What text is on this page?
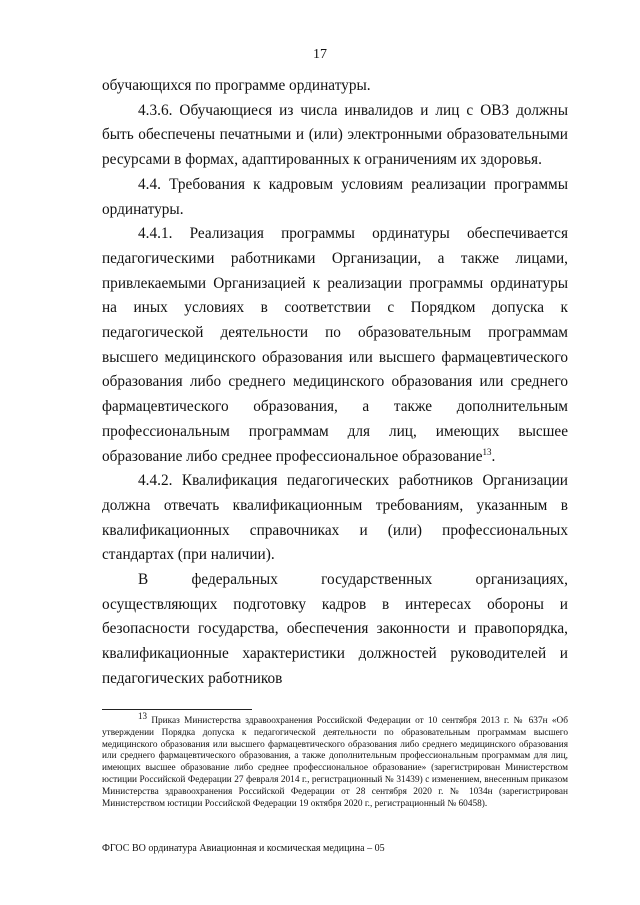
17

обучающихся по программе ординатуры.

4.3.6. Обучающиеся из числа инвалидов и лиц с ОВЗ должны быть обеспечены печатными и (или) электронными образовательными ресурсами в формах, адаптированных к ограничениям их здоровья.

4.4. Требования к кадровым условиям реализации программы ординатуры.

4.4.1. Реализация программы ординатуры обеспечивается педагогическими работниками Организации, а также лицами, привлекаемыми Организацией к реализации программы ординатуры на иных условиях в соответствии с Порядком допуска к педагогической деятельности по образовательным программам высшего медицинского образования или высшего фармацевтического образования либо среднего медицинского образования или среднего фармацевтического образования, а также дополнительным профессиональным программам для лиц, имеющих высшее образование либо среднее профессиональное образование$^{13}$.

4.4.2. Квалификация педагогических работников Организации должна отвечать квалификационным требованиям, указанным в квалификационных справочниках и (или) профессиональных стандартах (при наличии).

В федеральных государственных организациях, осуществляющих подготовку кадров в интересах обороны и безопасности государства, обеспечения законности и правопорядка, квалификационные характеристики должностей руководителей и педагогических работников

$^{13}$ Приказ Министерства здравоохранения Российской Федерации от 10 сентября 2013 г. № 637н «Об утверждении Порядка допуска к педагогической деятельности по образовательным программам высшего медицинского образования или высшего фармацевтического образования либо среднего медицинского образования или среднего фармацевтического образования, а также дополнительным профессиональным программам для лиц, имеющих высшее образование либо среднее профессиональное образование» (зарегистрирован Министерством юстиции Российской Федерации 27 февраля 2014 г., регистрационный № 31439) с изменением, внесенным приказом Министерства здравоохранения Российской Федерации от 28 сентября 2020 г. № 1034н (зарегистрирован Министерством юстиции Российской Федерации 19 октября 2020 г., регистрационный № 60458).

ФГОС ВО ординатура Авиационная и космическая медицина – 05
